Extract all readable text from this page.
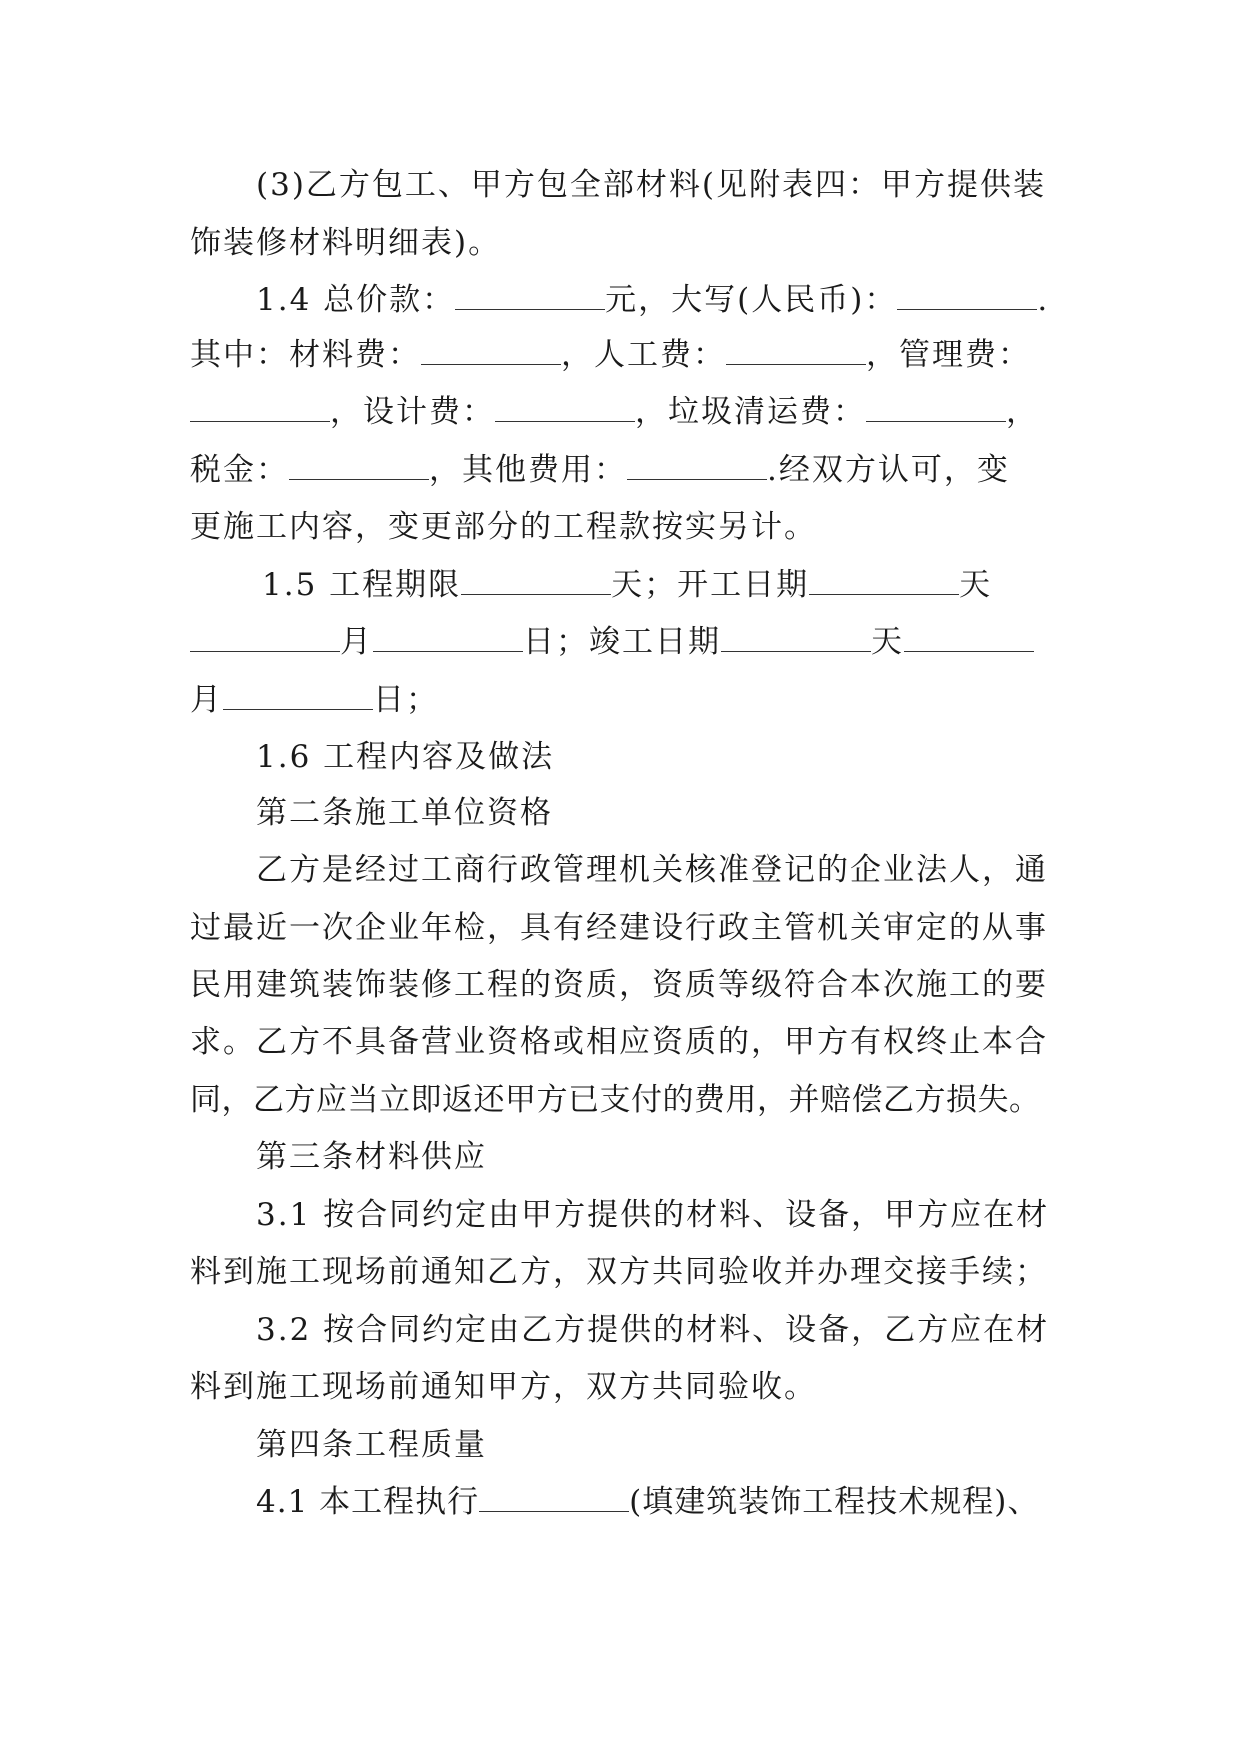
(3)乙方包工、甲方包全部材料(见附表四：甲方提供装
饰装修材料明细表)。
1.4 总价款：	元，大写(人民币)：	.
其中：材料费：	，人工费：	，管理费：
，设计费：	，垃圾清运费：	，
税金：	，其他费用：	.经双方认可，变
更施工内容，变更部分的工程款按实另计。
1.5 工程期限	天；开工日期	天
月	日；竣工日期	天
月	日；
1.6 工程内容及做法
第二条施工单位资格
乙方是经过工商行政管理机关核准登记的企业法人，通
过最近一次企业年检，具有经建设行政主管机关审定的从事
民用建筑装饰装修工程的资质，资质等级符合本次施工的要
求。乙方不具备营业资格或相应资质的，甲方有权终止本合
同，乙方应当立即返还甲方已支付的费用，并赔偿乙方损失。
第三条材料供应
3.1 按合同约定由甲方提供的材料、设备，甲方应在材
料到施工现场前通知乙方，双方共同验收并办理交接手续；
3.2 按合同约定由乙方提供的材料、设备，乙方应在材
料到施工现场前通知甲方，双方共同验收。
第四条工程质量
4.1 本工程执行	(填建筑装饰工程技术规程)、
